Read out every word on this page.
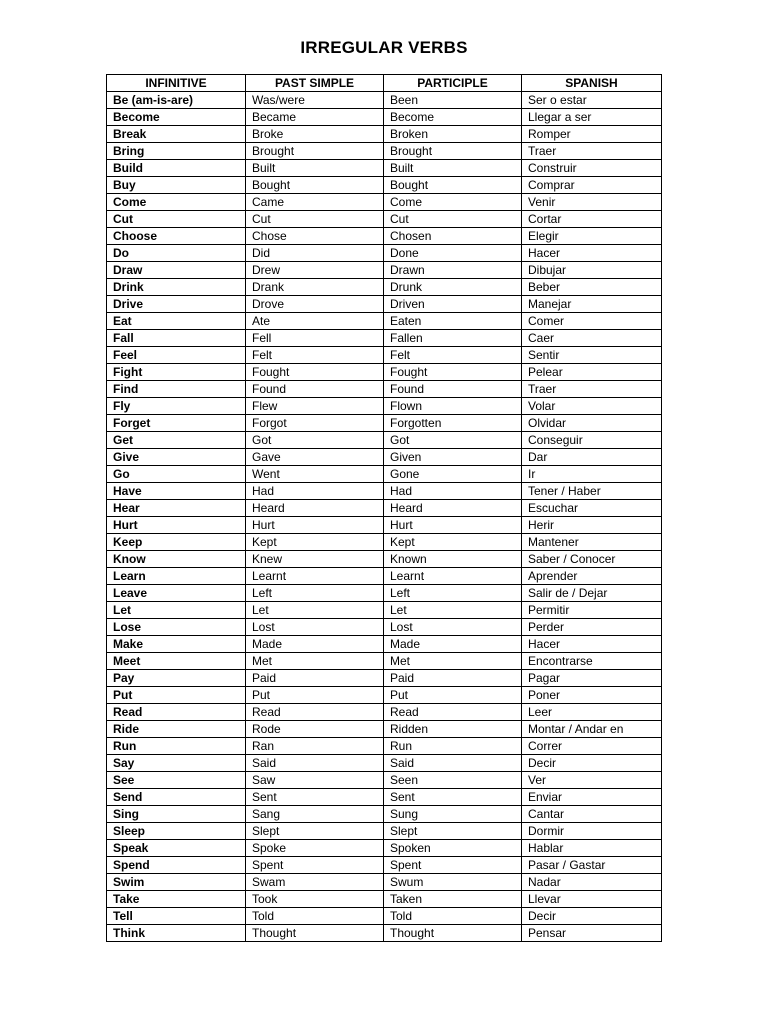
IRREGULAR VERBS
INFINITIVE	PAST SIMPLE	PARTICIPLE	SPANISH
Be (am-is-are)	Was/were	Been	Ser o estar
Become	Became	Become	Llegar a ser
Break	Broke	Broken	Romper
Bring	Brought	Brought	Traer
Build	Built	Built	Construir
Buy	Bought	Bought	Comprar
Come	Came	Come	Venir
Cut	Cut	Cut	Cortar
Choose	Chose	Chosen	Elegir
Do	Did	Done	Hacer
Draw	Drew	Drawn	Dibujar
Drink	Drank	Drunk	Beber
Drive	Drove	Driven	Manejar
Eat	Ate	Eaten	Comer
Fall	Fell	Fallen	Caer
Feel	Felt	Felt	Sentir
Fight	Fought	Fought	Pelear
Find	Found	Found	Traer
Fly	Flew	Flown	Volar
Forget	Forgot	Forgotten	Olvidar
Get	Got	Got	Conseguir
Give	Gave	Given	Dar
Go	Went	Gone	Ir
Have	Had	Had	Tener / Haber
Hear	Heard	Heard	Escuchar
Hurt	Hurt	Hurt	Herir
Keep	Kept	Kept	Mantener
Know	Knew	Known	Saber / Conocer
Learn	Learnt	Learnt	Aprender
Leave	Left	Left	Salir de / Dejar
Let	Let	Let	Permitir
Lose	Lost	Lost	Perder
Make	Made	Made	Hacer
Meet	Met	Met	Encontrarse
Pay	Paid	Paid	Pagar
Put	Put	Put	Poner
Read	Read	Read	Leer
Ride	Rode	Ridden	Montar / Andar en
Run	Ran	Run	Correr
Say	Said	Said	Decir
See	Saw	Seen	Ver
Send	Sent	Sent	Enviar
Sing	Sang	Sung	Cantar
Sleep	Slept	Slept	Dormir
Speak	Spoke	Spoken	Hablar
Spend	Spent	Spent	Pasar / Gastar
Swim	Swam	Swum	Nadar
Take	Took	Taken	Llevar
Tell	Told	Told	Decir
Think	Thought	Thought	Pensar
